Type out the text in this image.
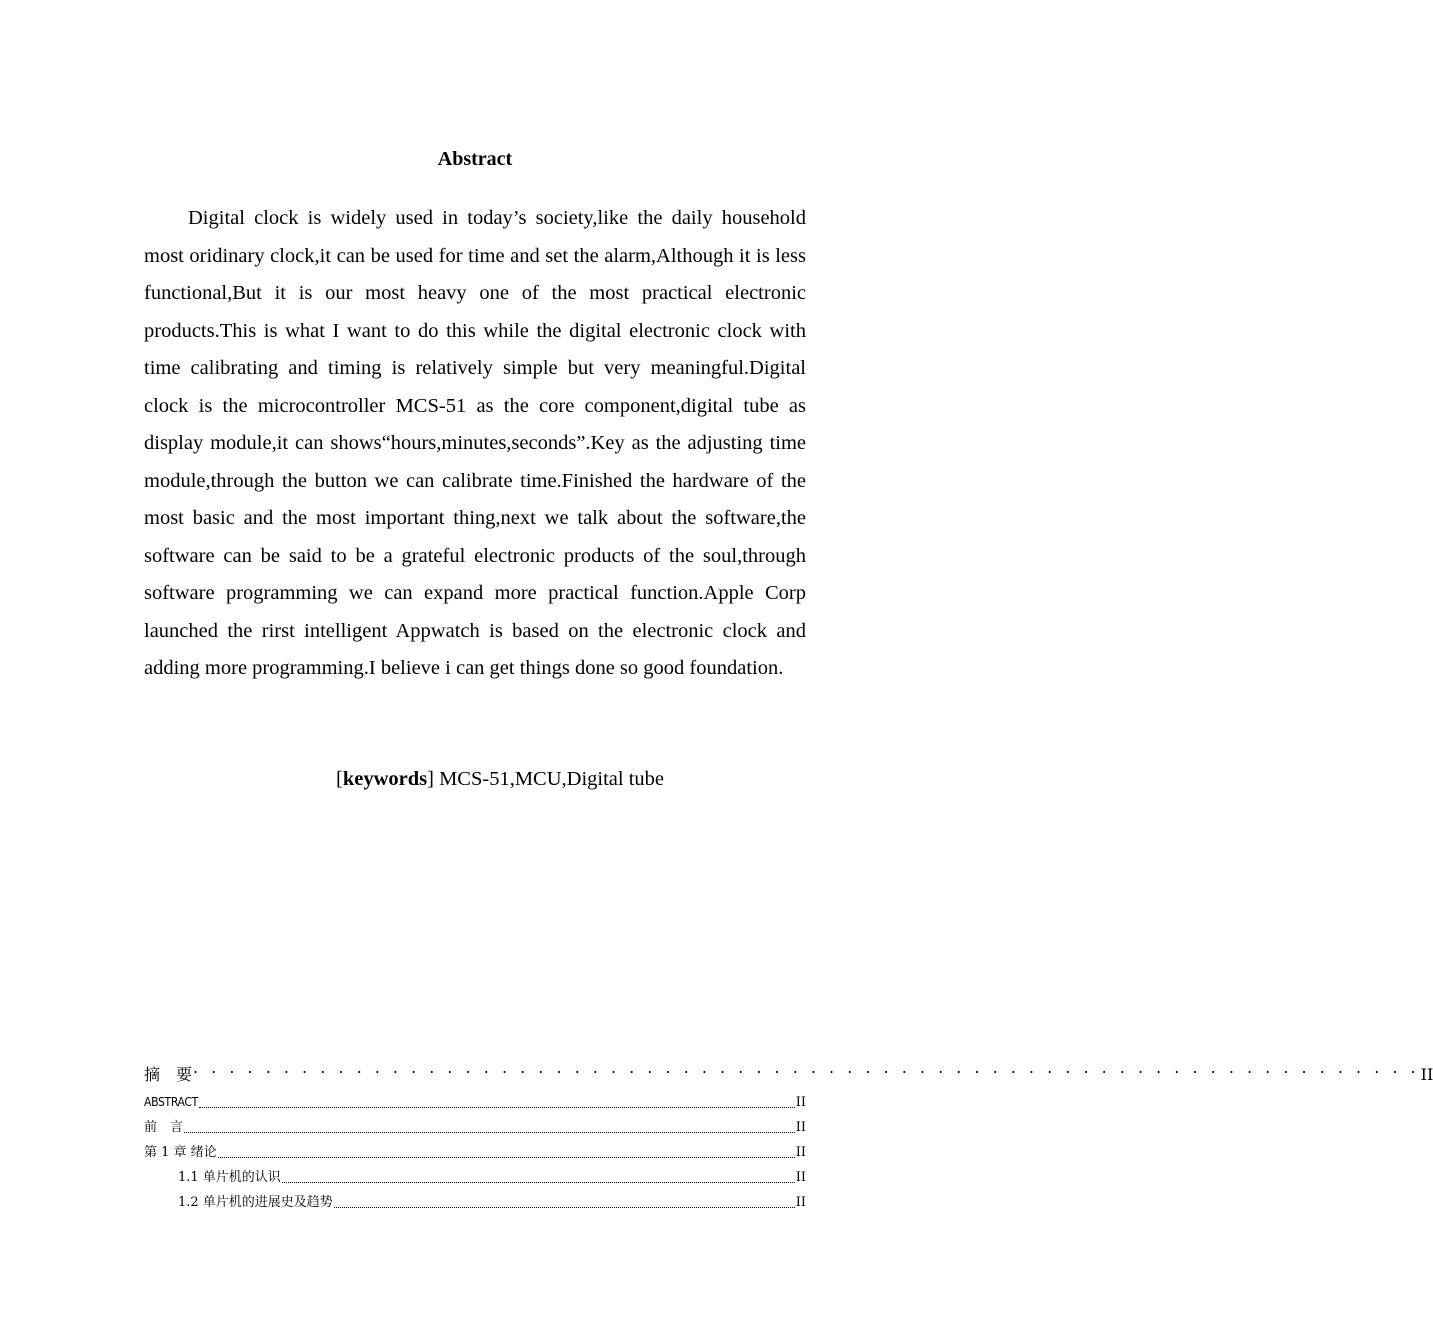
Abstract

Digital clock is widely used in today’s society,like the daily household most oridinary clock,it can be used for time and set the alarm,Although it is less functional,But it is our most heavy one of the most practical electronic products.This is what I want to do this while the digital electronic clock with time calibrating and timing is relatively simple but very meaningful.Digital clock is the microcontroller MCS-51 as the core component,digital tube as display module,it can shows“hours,minutes,seconds”.Key as the adjusting time module,through the button we can calibrate time.Finished the hardware of the most basic and the most important thing,next we talk about the software,the software can be said to be a grateful electronic products of the soul,through software programming we can expand more practical function.Apple Corp launched the rirst intelligent Appwatch is based on the electronic clock and adding more programming.I believe i can get things done so good foundation.

[keywords] MCS-51,MCU,Digital tube
摘　要 . . . . . . . . . . . . . . . . . . . . . . . . . . . . . . . . . . . . . . . . . . . . . . . . . . . . . . . . . . . . . . . . . . . . II
ABSTRACT	II
前　言	II
第 1 章 绪论	II
1.1 单片机的认识	II
1.2 单片机的进展史及趋势	II
